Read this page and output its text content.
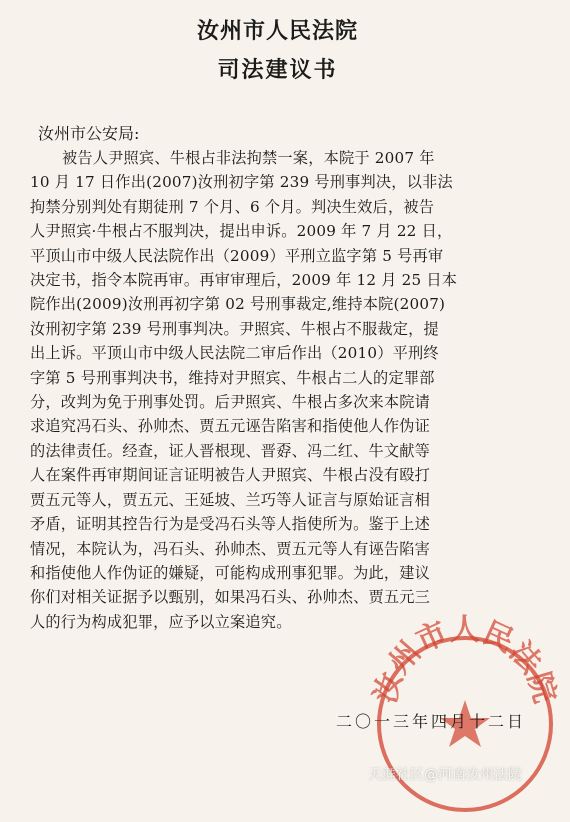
汝州市人民法院
司法建议书
汝州市公安局:
被告人尹照宾、牛根占非法拘禁一案，本院于 2007 年
10 月 17 日作出(2007)汝刑初字第 239 号刑事判决，以非法
拘禁分别判处有期徒刑 7 个月、6 个月。判决生效后，被告
人尹照宾·牛根占不服判决，提出申诉。2009 年 7 月 22 日，
平顶山市中级人民法院作出（2009）平刑立监字第 5 号再审
决定书，指令本院再审。再审审理后，2009 年 12 月 25 日本
院作出(2009)汝刑再初字第 02 号刑事裁定,维持本院(2007)
汝刑初字第 239 号刑事判决。尹照宾、牛根占不服裁定，提
出上诉。平顶山市中级人民法院二审后作出（2010）平刑终
字第 5 号刑事判决书，维持对尹照宾、牛根占二人的定罪部
分，改判为免于刑事处罚。后尹照宾、牛根占多次来本院请
求追究冯石头、孙帅杰、贾五元诬告陷害和指使他人作伪证
的法律责任。经查，证人晋根现、晋孬、冯二红、牛文献等
人在案件再审期间证言证明被告人尹照宾、牛根占没有殴打
贾五元等人，贾五元、王延坡、兰巧等人证言与原始证言相
矛盾，证明其控告行为是受冯石头等人指使所为。鉴于上述
情况，本院认为，冯石头、孙帅杰、贾五元等人有诬告陷害
和指使他人作伪证的嫌疑，可能构成刑事犯罪。为此，建议
你们对相关证据予以甄别，如果冯石头、孙帅杰、贾五元三
人的行为构成犯罪，应予以立案追究。
汝州市人民法院
二〇一三年四月十二日
天涯社区@河南汝州法院
